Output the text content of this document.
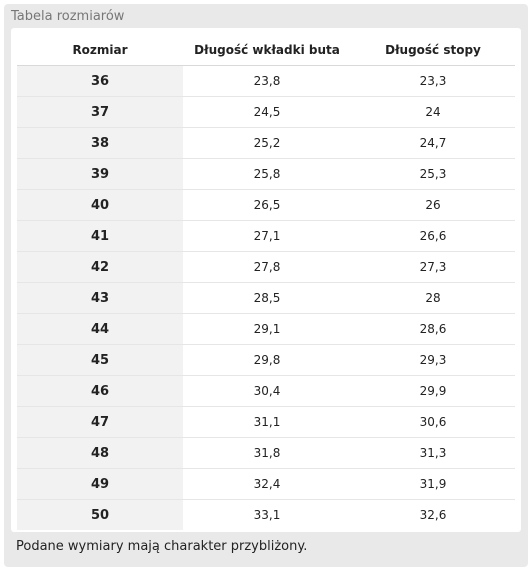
Tabela rozmiarów
Rozmiar	Długość wkładki buta	Długość stopy
36	23,8	23,3
37	24,5	24
38	25,2	24,7
39	25,8	25,3
40	26,5	26
41	27,1	26,6
42	27,8	27,3
43	28,5	28
44	29,1	28,6
45	29,8	29,3
46	30,4	29,9
47	31,1	30,6
48	31,8	31,3
49	32,4	31,9
50	33,1	32,6
Podane wymiary mają charakter przybliżony.
